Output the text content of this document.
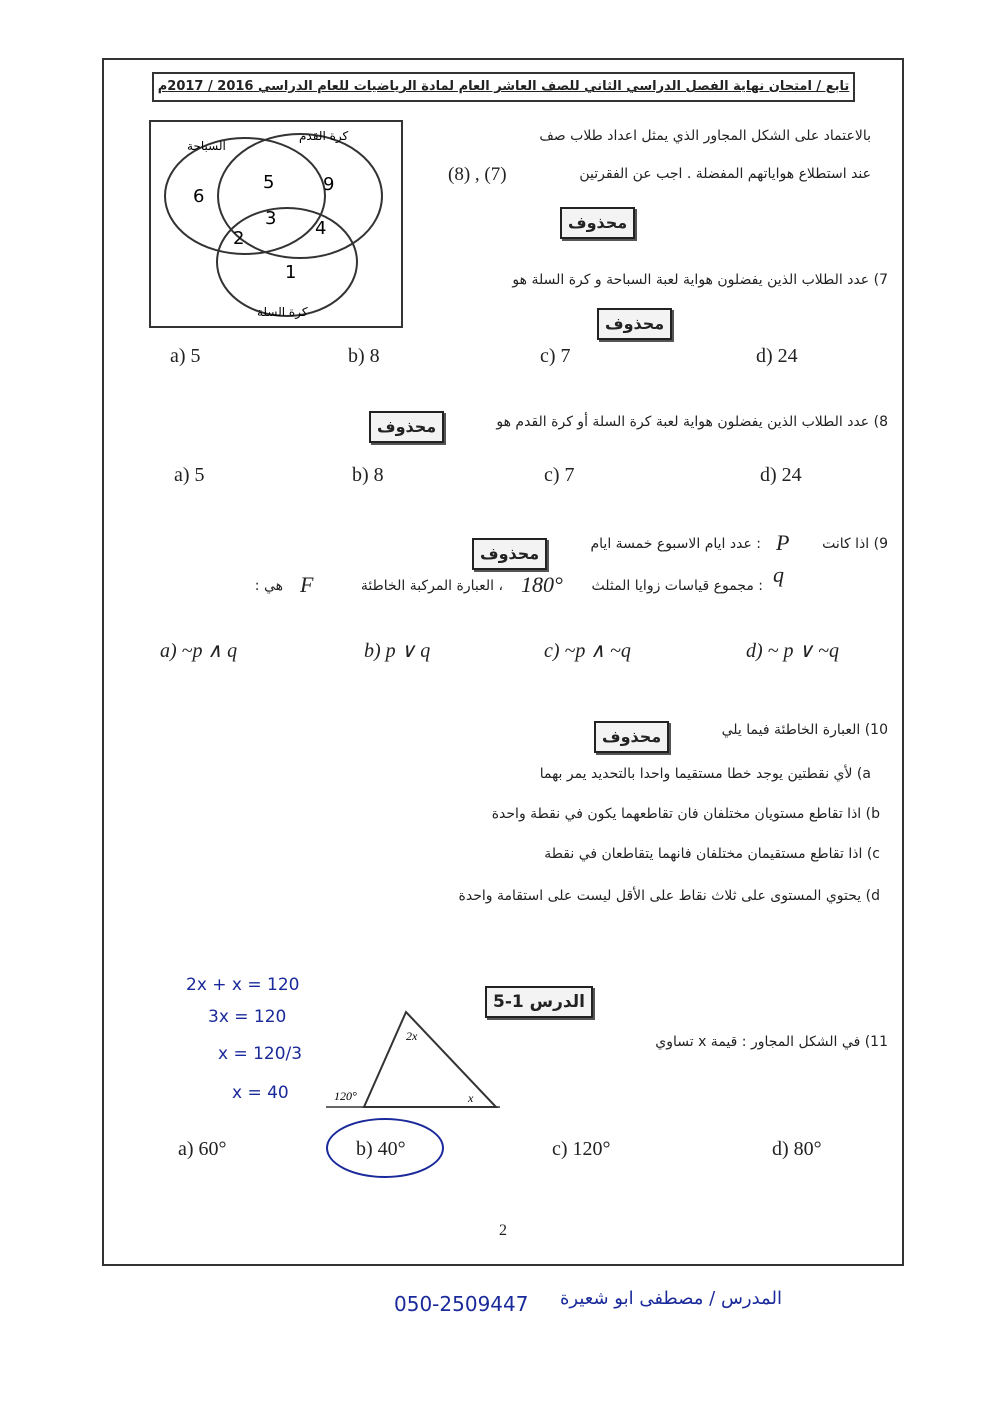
تابع / امتحان نهاية الفصل الدراسي الثاني للصف العاشر العام لمادة الرياضيات للعام الدراسي 2016 / 2017م
السباحة
كرة القدم
كرة السلة
6
5	9
3
2	4
1
بالاعتماد على الشكل المجاور الذي يمثل اعداد طلاب صف
عند استطلاع هواياتهم المفضلة . اجب عن الفقرتين
(8) , (7)
محذوف
7) عدد الطلاب الذين يفضلون هواية لعبة السباحة و كرة السلة هو
محذوف
a) 5	b) 8	c) 7	d) 24
8) عدد الطلاب الذين يفضلون هواية لعبة كرة السلة أو كرة القدم هو
محذوف
a) 5	b) 8	c) 7	d) 24
9) اذا كانت
P
: عدد ايام الاسبوع خمسة ايام
محذوف
q
: مجموع قياسات زوايا المثلث
180°
، العبارة المركبة الخاطئة
F
هي :
a) ~p ∧ q	b) p ∨ q	c) ~p ∧ ~q	d) ~ p ∨ ~q
10) العبارة الخاطئة فيما يلي
محذوف
a) لأي نقطتين يوجد خطا مستقيما واحدا بالتحديد يمر بهما
b) اذا تقاطع مستويان مختلفان فان تقاطعهما يكون في نقطة واحدة
c) اذا تقاطع مستقيمان مختلفان فانهما يتقاطعان في نقطة
d) يحتوي المستوى على ثلاث نقاط على الأقل ليست على استقامة واحدة
الدرس 1-5
11) في الشكل المجاور : قيمة x تساوي
2x
x
120°
a) 60°	b) 40°	c) 120°	d) 80°
2x + x = 120
3x = 120
x = 120/3
x = 40
2
050-2509447 المدرس / مصطفى ابو شعيرة
